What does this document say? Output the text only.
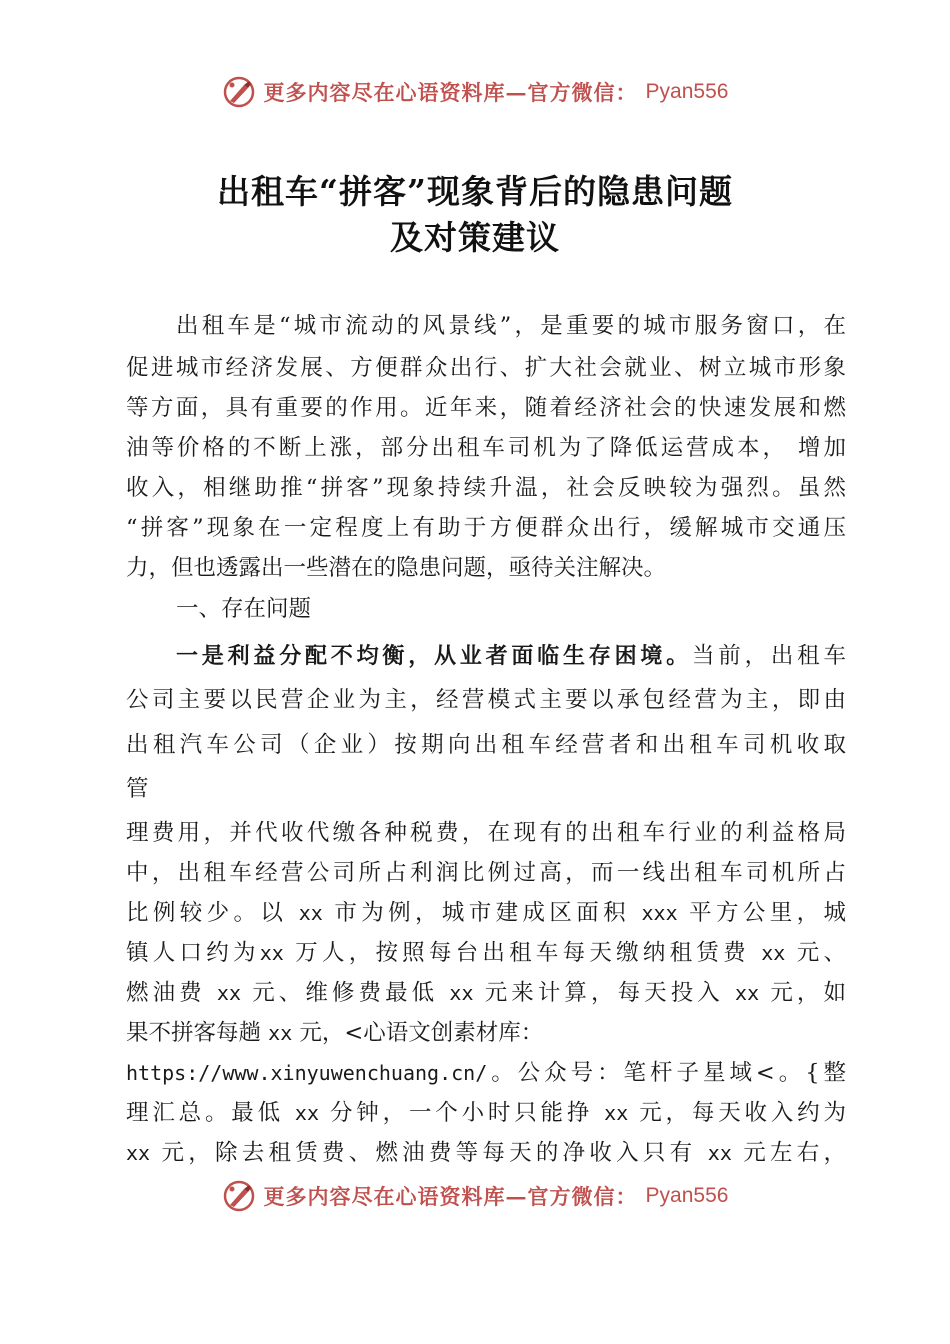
更多内容尽在心语资料库—官方微信： Pyan556
出租车“拼客”现象背后的隐患问题
及对策建议
出租车是“城市流动的风景线”，是重要的城市服务窗口，在
促进城市经济发展、方便群众出行、扩大社会就业、树立城市形象
等方面，具有重要的作用。近年来，随着经济社会的快速发展和燃
油等价格的不断上涨，部分出租车司机为了降低运营成本， 增加
收入，相继助推“拼客”现象持续升温，社会反映较为强烈。虽然
“拼客”现象在一定程度上有助于方便群众出行，缓解城市交通压
力，但也透露出一些潜在的隐患问题，亟待关注解决。
一、存在问题
一是利益分配不均衡，从业者面临生存困境。当前，出租车
公司主要以民营企业为主，经营模式主要以承包经营为主，即由
出租汽车公司（企业）按期向出租车经营者和出租车司机收取
管
理费用，并代收代缴各种税费，在现有的出租车行业的利益格局
中，出租车经营公司所占利润比例过高，而一线出租车司机所占
比例较少。以 xx 市为例，城市建成区面积 xxx 平方公里，城
镇人口约为xx 万人，按照每台出租车每天缴纳租赁费 xx 元、
燃油费 xx 元、维修费最低 xx 元来计算，每天投入 xx 元，如
果不拼客每趟 xx 元，<心语文创素材库：
https://www.xinyuwenchuang.cn/。公众号：笔杆子星域<。{整
理汇总。最低 xx 分钟，一个小时只能挣 xx 元，每天收入约为
xx 元，除去租赁费、燃油费等每天的净收入只有 xx 元左右，
更多内容尽在心语资料库—官方微信： Pyan556
